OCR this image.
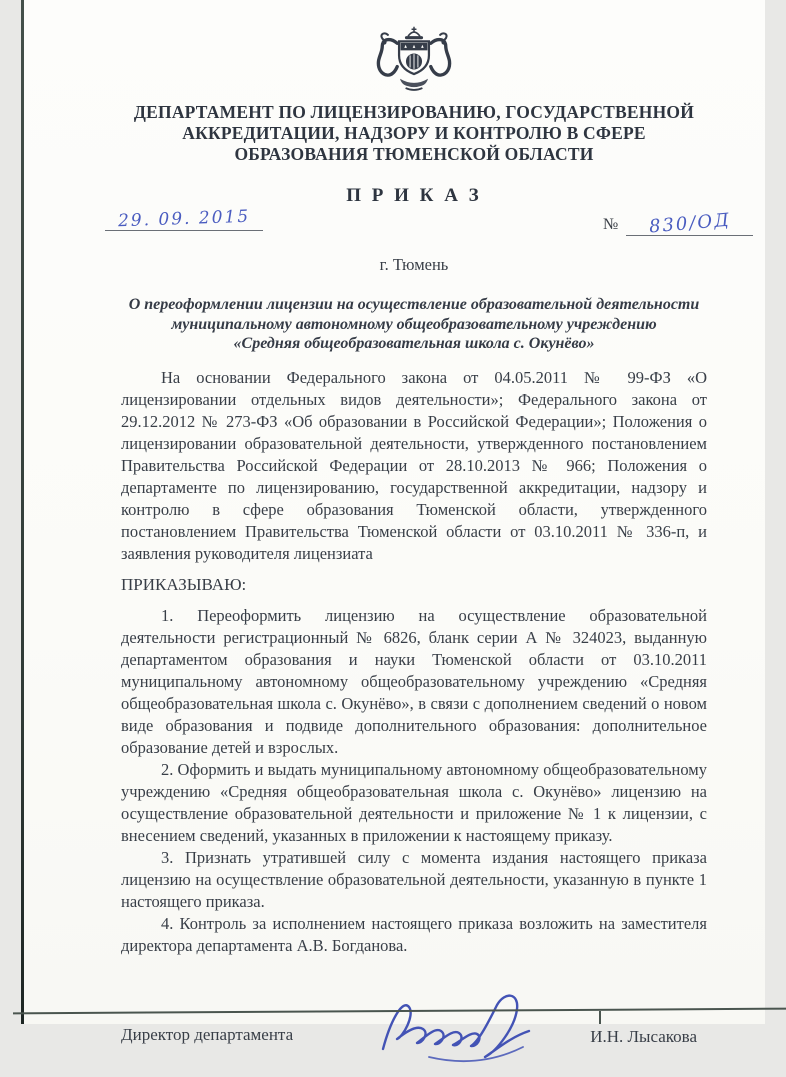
ДЕПАРТАМЕНТ ПО ЛИЦЕНЗИРОВАНИЮ, ГОСУДАРСТВЕННОЙ
АККРЕДИТАЦИИ, НАДЗОРУ И КОНТРОЛЮ В СФЕРЕ
ОБРАЗОВАНИЯ ТЮМЕНСКОЙ ОБЛАСТИ
П Р И К А З
29. 09. 2015	№	830/ОД
г. Тюмень
О переоформлении лицензии на осуществление образовательной деятельности
муниципальному автономному общеобразовательному учреждению
«Средняя общеобразовательная школа с. Окунёво»

На основании Федерального закона от 04.05.2011 № 99-ФЗ «О лицензировании отдельных видов деятельности»; Федерального закона от 29.12.2012 № 273-ФЗ «Об образовании в Российской Федерации»; Положения о лицензировании образовательной деятельности, утвержденного постановлением Правительства Российской Федерации от 28.10.2013 № 966; Положения о департаменте по лицензированию, государственной аккредитации, надзору и контролю в сфере образования Тюменской области, утвержденного постановлением Правительства Тюменской области от 03.10.2011 № 336-п, и заявления руководителя лицензиата

ПРИКАЗЫВАЮ:

1. Переоформить лицензию на осуществление образовательной деятельности регистрационный № 6826, бланк серии А № 324023, выданную департаментом образования и науки Тюменской области от 03.10.2011 муниципальному автономному общеобразовательному учреждению «Средняя общеобразовательная школа с. Окунёво», в связи с дополнением сведений о новом виде образования и подвиде дополнительного образования: дополнительное образование детей и взрослых.

2. Оформить и выдать муниципальному автономному общеобразовательному учреждению «Средняя общеобразовательная школа с. Окунёво» лицензию на осуществление образовательной деятельности и приложение № 1 к лицензии, с внесением сведений, указанных в приложении к настоящему приказу.

3. Признать утратившей силу с момента издания настоящего приказа лицензию на осуществление образовательной деятельности, указанную в пункте 1 настоящего приказа.

4. Контроль за исполнением настоящего приказа возложить на заместителя директора департамента А.В. Богданова.

Директор департамента	И.Н. Лысакова
